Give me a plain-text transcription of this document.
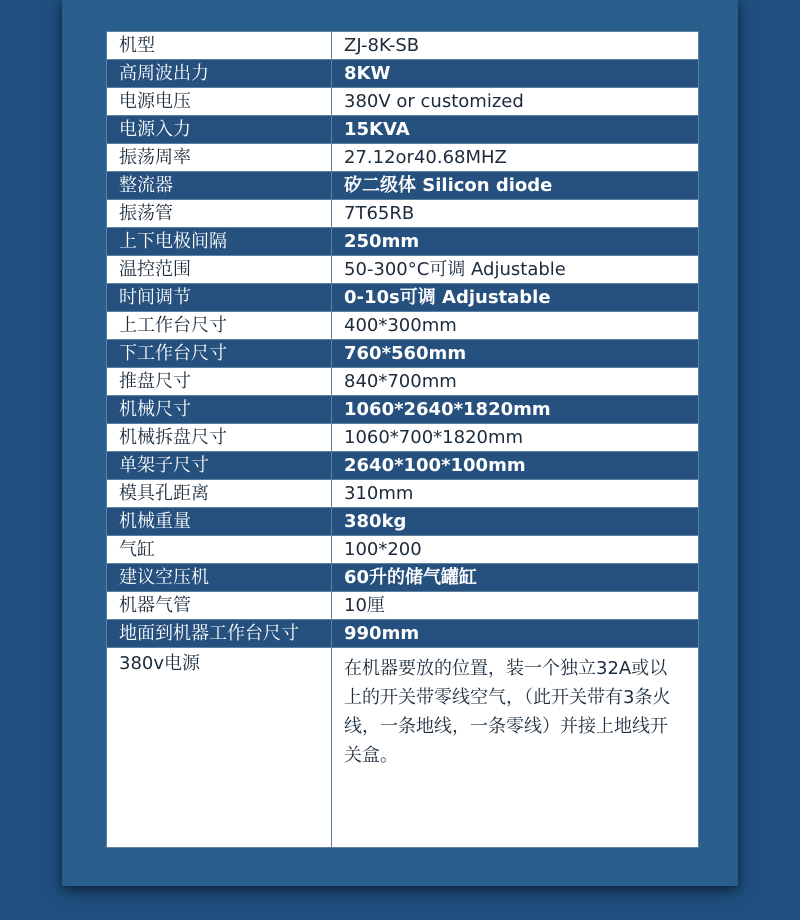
机型	ZJ-8K-SB
高周波出力	8KW
电源电压	380V or customized
电源入力	15KVA
振荡周率	27.12or40.68MHZ
整流器	矽二级体 Silicon diode
振荡管	7T65RB
上下电极间隔	250mm
温控范围	50-300°C可调 Adjustable
时间调节	0-10s可调 Adjustable
上工作台尺寸	400*300mm
下工作台尺寸	760*560mm
推盘尺寸	840*700mm
机械尺寸	1060*2640*1820mm
机械拆盘尺寸	1060*700*1820mm
单架子尺寸	2640*100*100mm
模具孔距离	310mm
机械重量	380kg
气缸	100*200
建议空压机	60升的储气罐缸
机器气管	10厘
地面到机器工作台尺寸	990mm
380v电源	在机器要放的位置，装一个独立32A或以上的开关带零线空气，（此开关带有3条火线，一条地线，一条零线）并接上地线开关盒。
